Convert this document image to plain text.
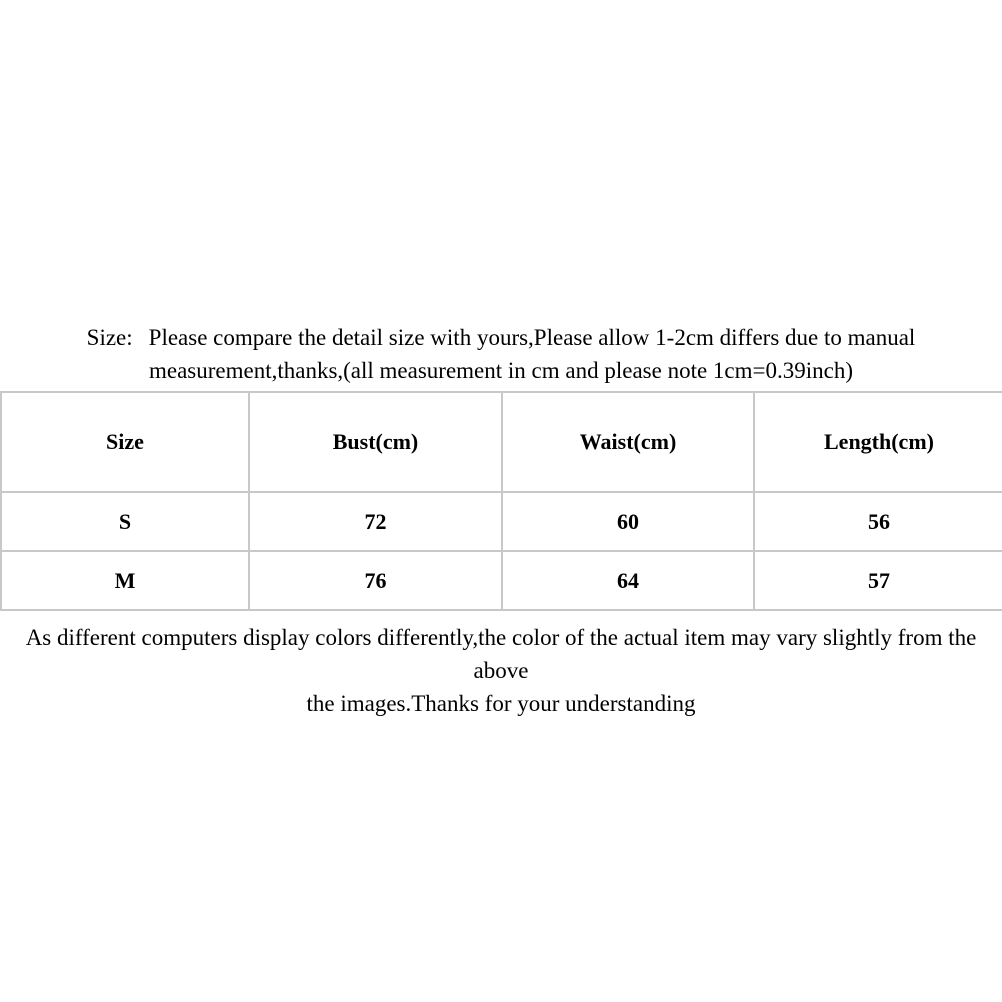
Size: Please compare the detail size with yours,Please allow 1-2cm differs due to manual
measurement,thanks,(all measurement in cm and please note 1cm=0.39inch)
Size	Bust(cm)	Waist(cm)	Length(cm)
S	72	60	56
M	76	64	57
As different computers display colors differently,the color of the actual item may vary slightly from the above
the images.Thanks for your understanding
